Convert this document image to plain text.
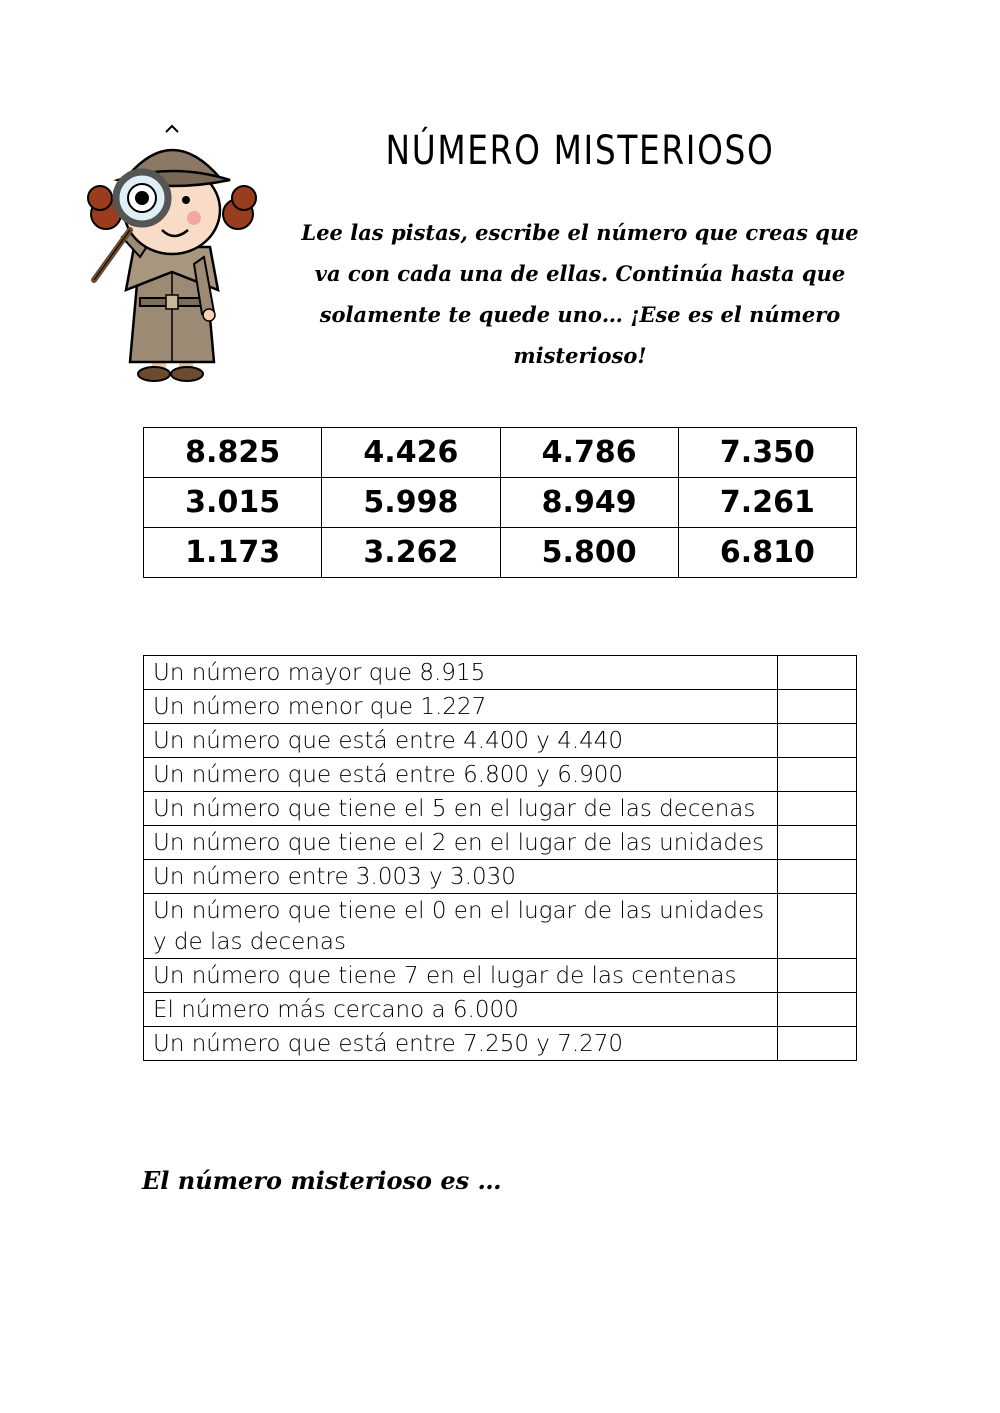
NÚMERO MISTERIOSO
Lee las pistas, escribe el número que creas que va con cada una de ellas. Continúa hasta que solamente te quede uno… ¡Ese es el número misterioso!
8.825	4.426	4.786	7.350
3.015	5.998	8.949	7.261
1.173	3.262	5.800	6.810
Un número mayor que 8.915	
Un número menor que 1.227	
Un número que está entre 4.400 y 4.440	
Un número que está entre 6.800 y 6.900	
Un número que tiene el 5 en el lugar de las decenas	
Un número que tiene el 2 en el lugar de las unidades	
Un número entre 3.003 y 3.030	
Un número que tiene el 0 en el lugar de las unidades y de las decenas	
Un número que tiene 7 en el lugar de las centenas	
El número más cercano a 6.000	
Un número que está entre 7.250 y 7.270	
El número misterioso es …
